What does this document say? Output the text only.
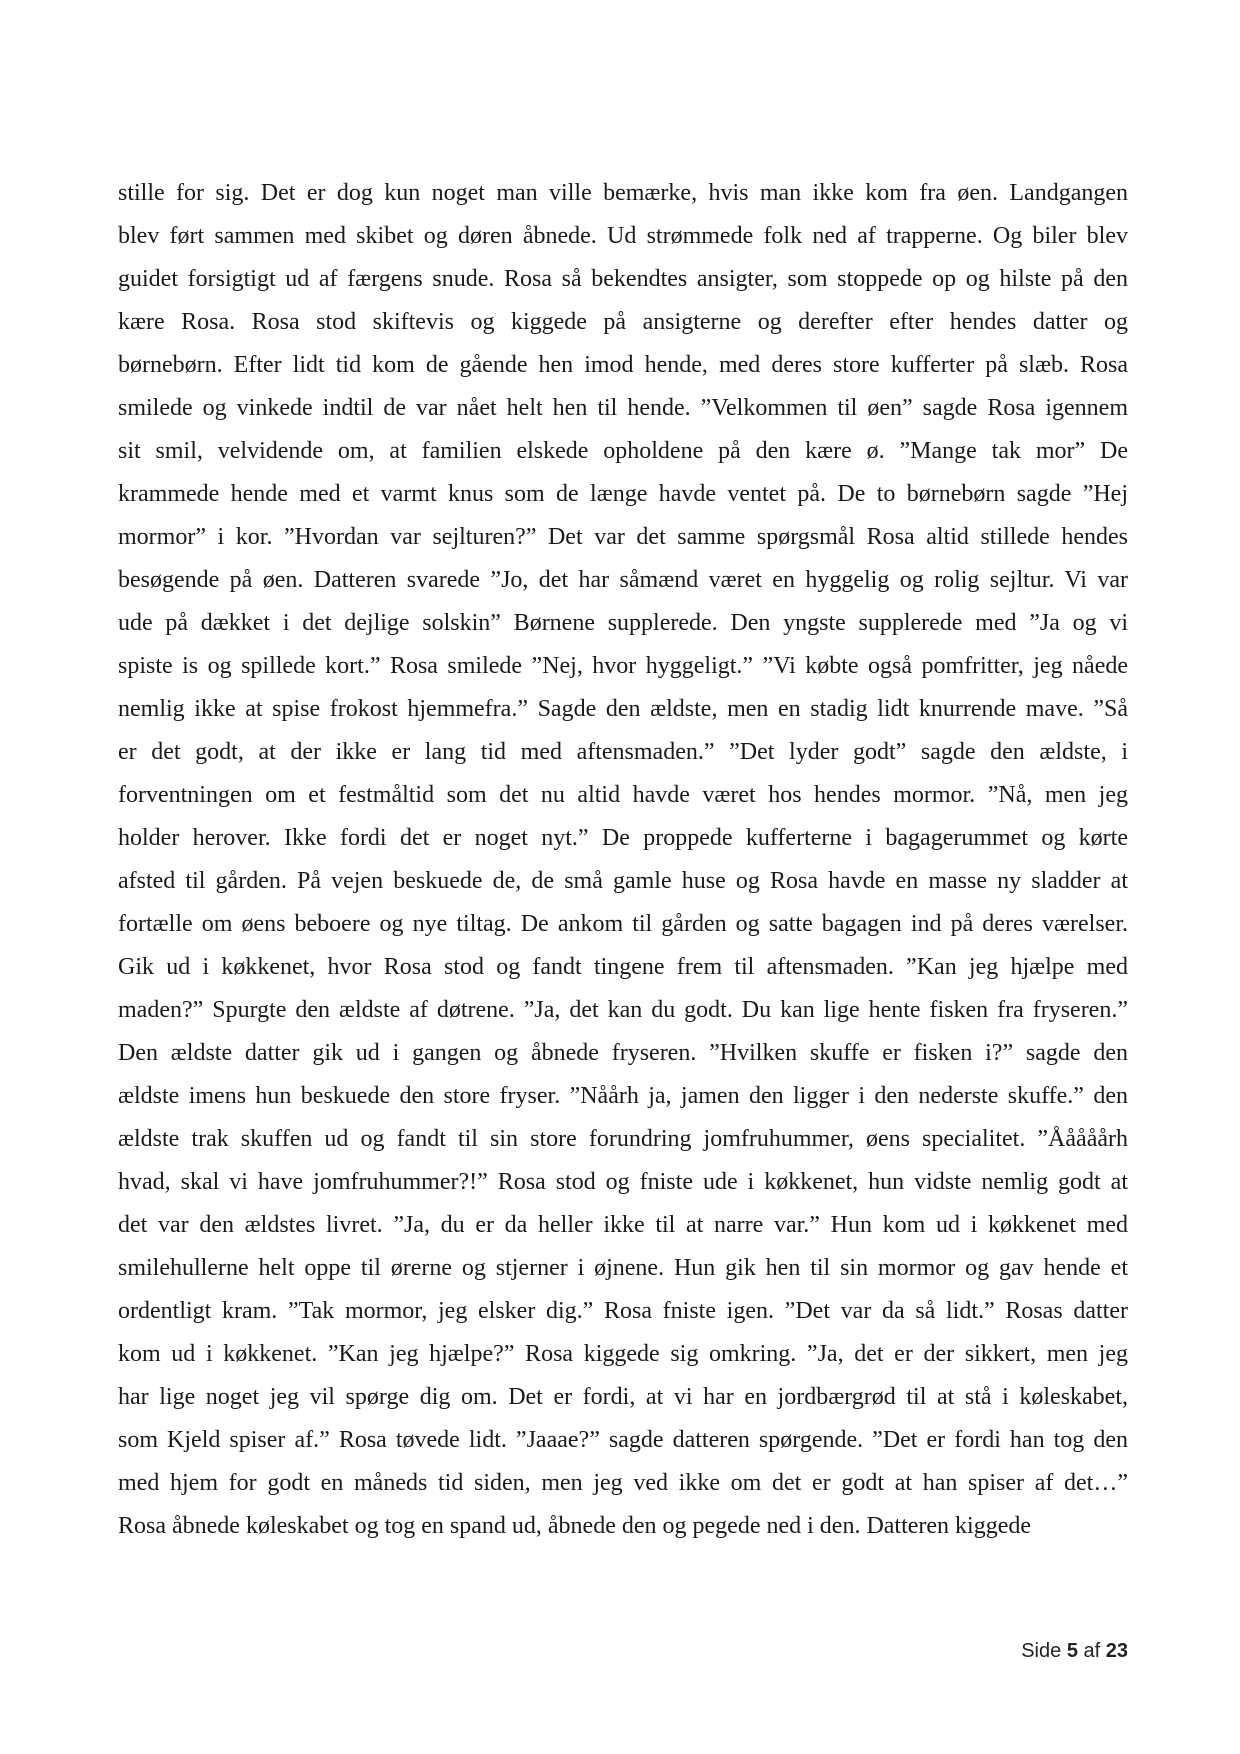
stille for sig. Det er dog kun noget man ville bemærke, hvis man ikke kom fra øen. Landgangen
blev ført sammen med skibet og døren åbnede. Ud strømmede folk ned af trapperne. Og biler blev
guidet forsigtigt ud af færgens snude. Rosa så bekendtes ansigter, som stoppede op og hilste på den
kære Rosa. Rosa stod skiftevis og kiggede på ansigterne og derefter efter hendes datter og
børnebørn. Efter lidt tid kom de gående hen imod hende, med deres store kufferter på slæb. Rosa
smilede og vinkede indtil de var nået helt hen til hende. ”Velkommen til øen” sagde Rosa igennem
sit smil, velvidende om, at familien elskede opholdene på den kære ø. ”Mange tak mor” De
krammede hende med et varmt knus som de længe havde ventet på. De to børnebørn sagde ”Hej
mormor” i kor. ”Hvordan var sejlturen?” Det var det samme spørgsmål Rosa altid stillede hendes
besøgende på øen. Datteren svarede ”Jo, det har såmænd været en hyggelig og rolig sejltur. Vi var
ude på dækket i det dejlige solskin” Børnene supplerede. Den yngste supplerede med ”Ja og vi
spiste is og spillede kort.” Rosa smilede ”Nej, hvor hyggeligt.” ”Vi købte også pomfritter, jeg nåede
nemlig ikke at spise frokost hjemmefra.” Sagde den ældste, men en stadig lidt knurrende mave. ”Så
er det godt, at der ikke er lang tid med aftensmaden.” ”Det lyder godt” sagde den ældste, i
forventningen om et festmåltid som det nu altid havde været hos hendes mormor. ”Nå, men jeg
holder herover. Ikke fordi det er noget nyt.” De proppede kufferterne i bagagerummet og kørte
afsted til gården. På vejen beskuede de, de små gamle huse og Rosa havde en masse ny sladder at
fortælle om øens beboere og nye tiltag. De ankom til gården og satte bagagen ind på deres værelser.
Gik ud i køkkenet, hvor Rosa stod og fandt tingene frem til aftensmaden. ”Kan jeg hjælpe med
maden?” Spurgte den ældste af døtrene. ”Ja, det kan du godt. Du kan lige hente fisken fra fryseren.”
Den ældste datter gik ud i gangen og åbnede fryseren. ”Hvilken skuffe er fisken i?” sagde den
ældste imens hun beskuede den store fryser. ”Nåårh ja, jamen den ligger i den nederste skuffe.” den
ældste trak skuffen ud og fandt til sin store forundring jomfruhummer, øens specialitet. ”Ååååårh
hvad, skal vi have jomfruhummer?!” Rosa stod og fniste ude i køkkenet, hun vidste nemlig godt at
det var den ældstes livret. ”Ja, du er da heller ikke til at narre var.” Hun kom ud i køkkenet med
smilehullerne helt oppe til ørerne og stjerner i øjnene. Hun gik hen til sin mormor og gav hende et
ordentligt kram. ”Tak mormor, jeg elsker dig.” Rosa fniste igen. ”Det var da så lidt.” Rosas datter
kom ud i køkkenet. ”Kan jeg hjælpe?” Rosa kiggede sig omkring. ”Ja, det er der sikkert, men jeg
har lige noget jeg vil spørge dig om. Det er fordi, at vi har en jordbærgrød til at stå i køleskabet,
som Kjeld spiser af.” Rosa tøvede lidt. ”Jaaae?” sagde datteren spørgende. ”Det er fordi han tog den
med hjem for godt en måneds tid siden, men jeg ved ikke om det er godt at han spiser af det…”
Rosa åbnede køleskabet og tog en spand ud, åbnede den og pegede ned i den. Datteren kiggede
Side 5 af 23
